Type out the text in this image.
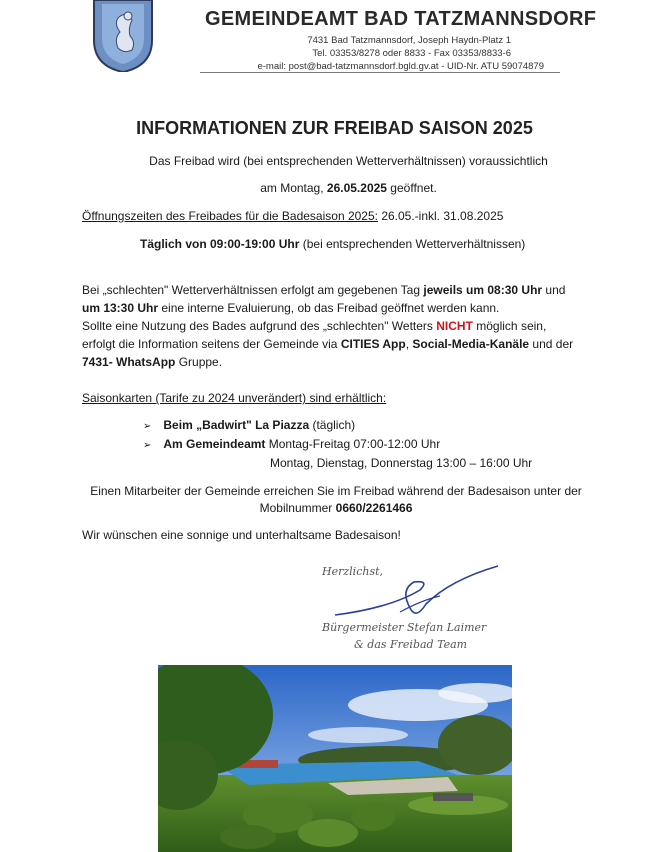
GEMEINDEAMT BAD TATZMANNSDORF
7431 Bad Tatzmannsdorf, Joseph Haydn-Platz 1
Tel. 03353/8278 oder 8833 - Fax 03353/8833-6
e-mail: post@bad-tatzmannsdorf.bgld.gv.at - UID-Nr. ATU 59074879
INFORMATIONEN ZUR FREIBAD SAISON 2025
Das Freibad wird (bei entsprechenden Wetterverhältnissen) voraussichtlich
am Montag, 26.05.2025 geöffnet.
Öffnungszeiten des Freibades für die Badesaison 2025: 26.05.-inkl. 31.08.2025
Täglich von 09:00-19:00 Uhr (bei entsprechenden Wetterverhältnissen)
Bei „schlechten" Wetterverhältnissen erfolgt am gegebenen Tag jeweils um 08:30 Uhr und
um 13:30 Uhr eine interne Evaluierung, ob das Freibad geöffnet werden kann.
Sollte eine Nutzung des Bades aufgrund des „schlechten" Wetters NICHT möglich sein,
erfolgt die Information seitens der Gemeinde via CITIES App, Social-Media-Kanäle und der
7431- WhatsApp Gruppe.
Saisonkarten (Tarife zu 2024 unverändert) sind erhältlich:
➢ Beim „Badwirt" La Piazza (täglich)
➢ Am Gemeindeamt Montag-Freitag 07:00-12:00 Uhr
Montag, Dienstag, Donnerstag 13:00 – 16:00 Uhr
Einen Mitarbeiter der Gemeinde erreichen Sie im Freibad während der Badesaison unter der
Mobilnummer 0660/2261466
Wir wünschen eine sonnige und unterhaltsame Badesaison!
Herzlichst,
Bürgermeister Stefan Laimer
& das Freibad Team
